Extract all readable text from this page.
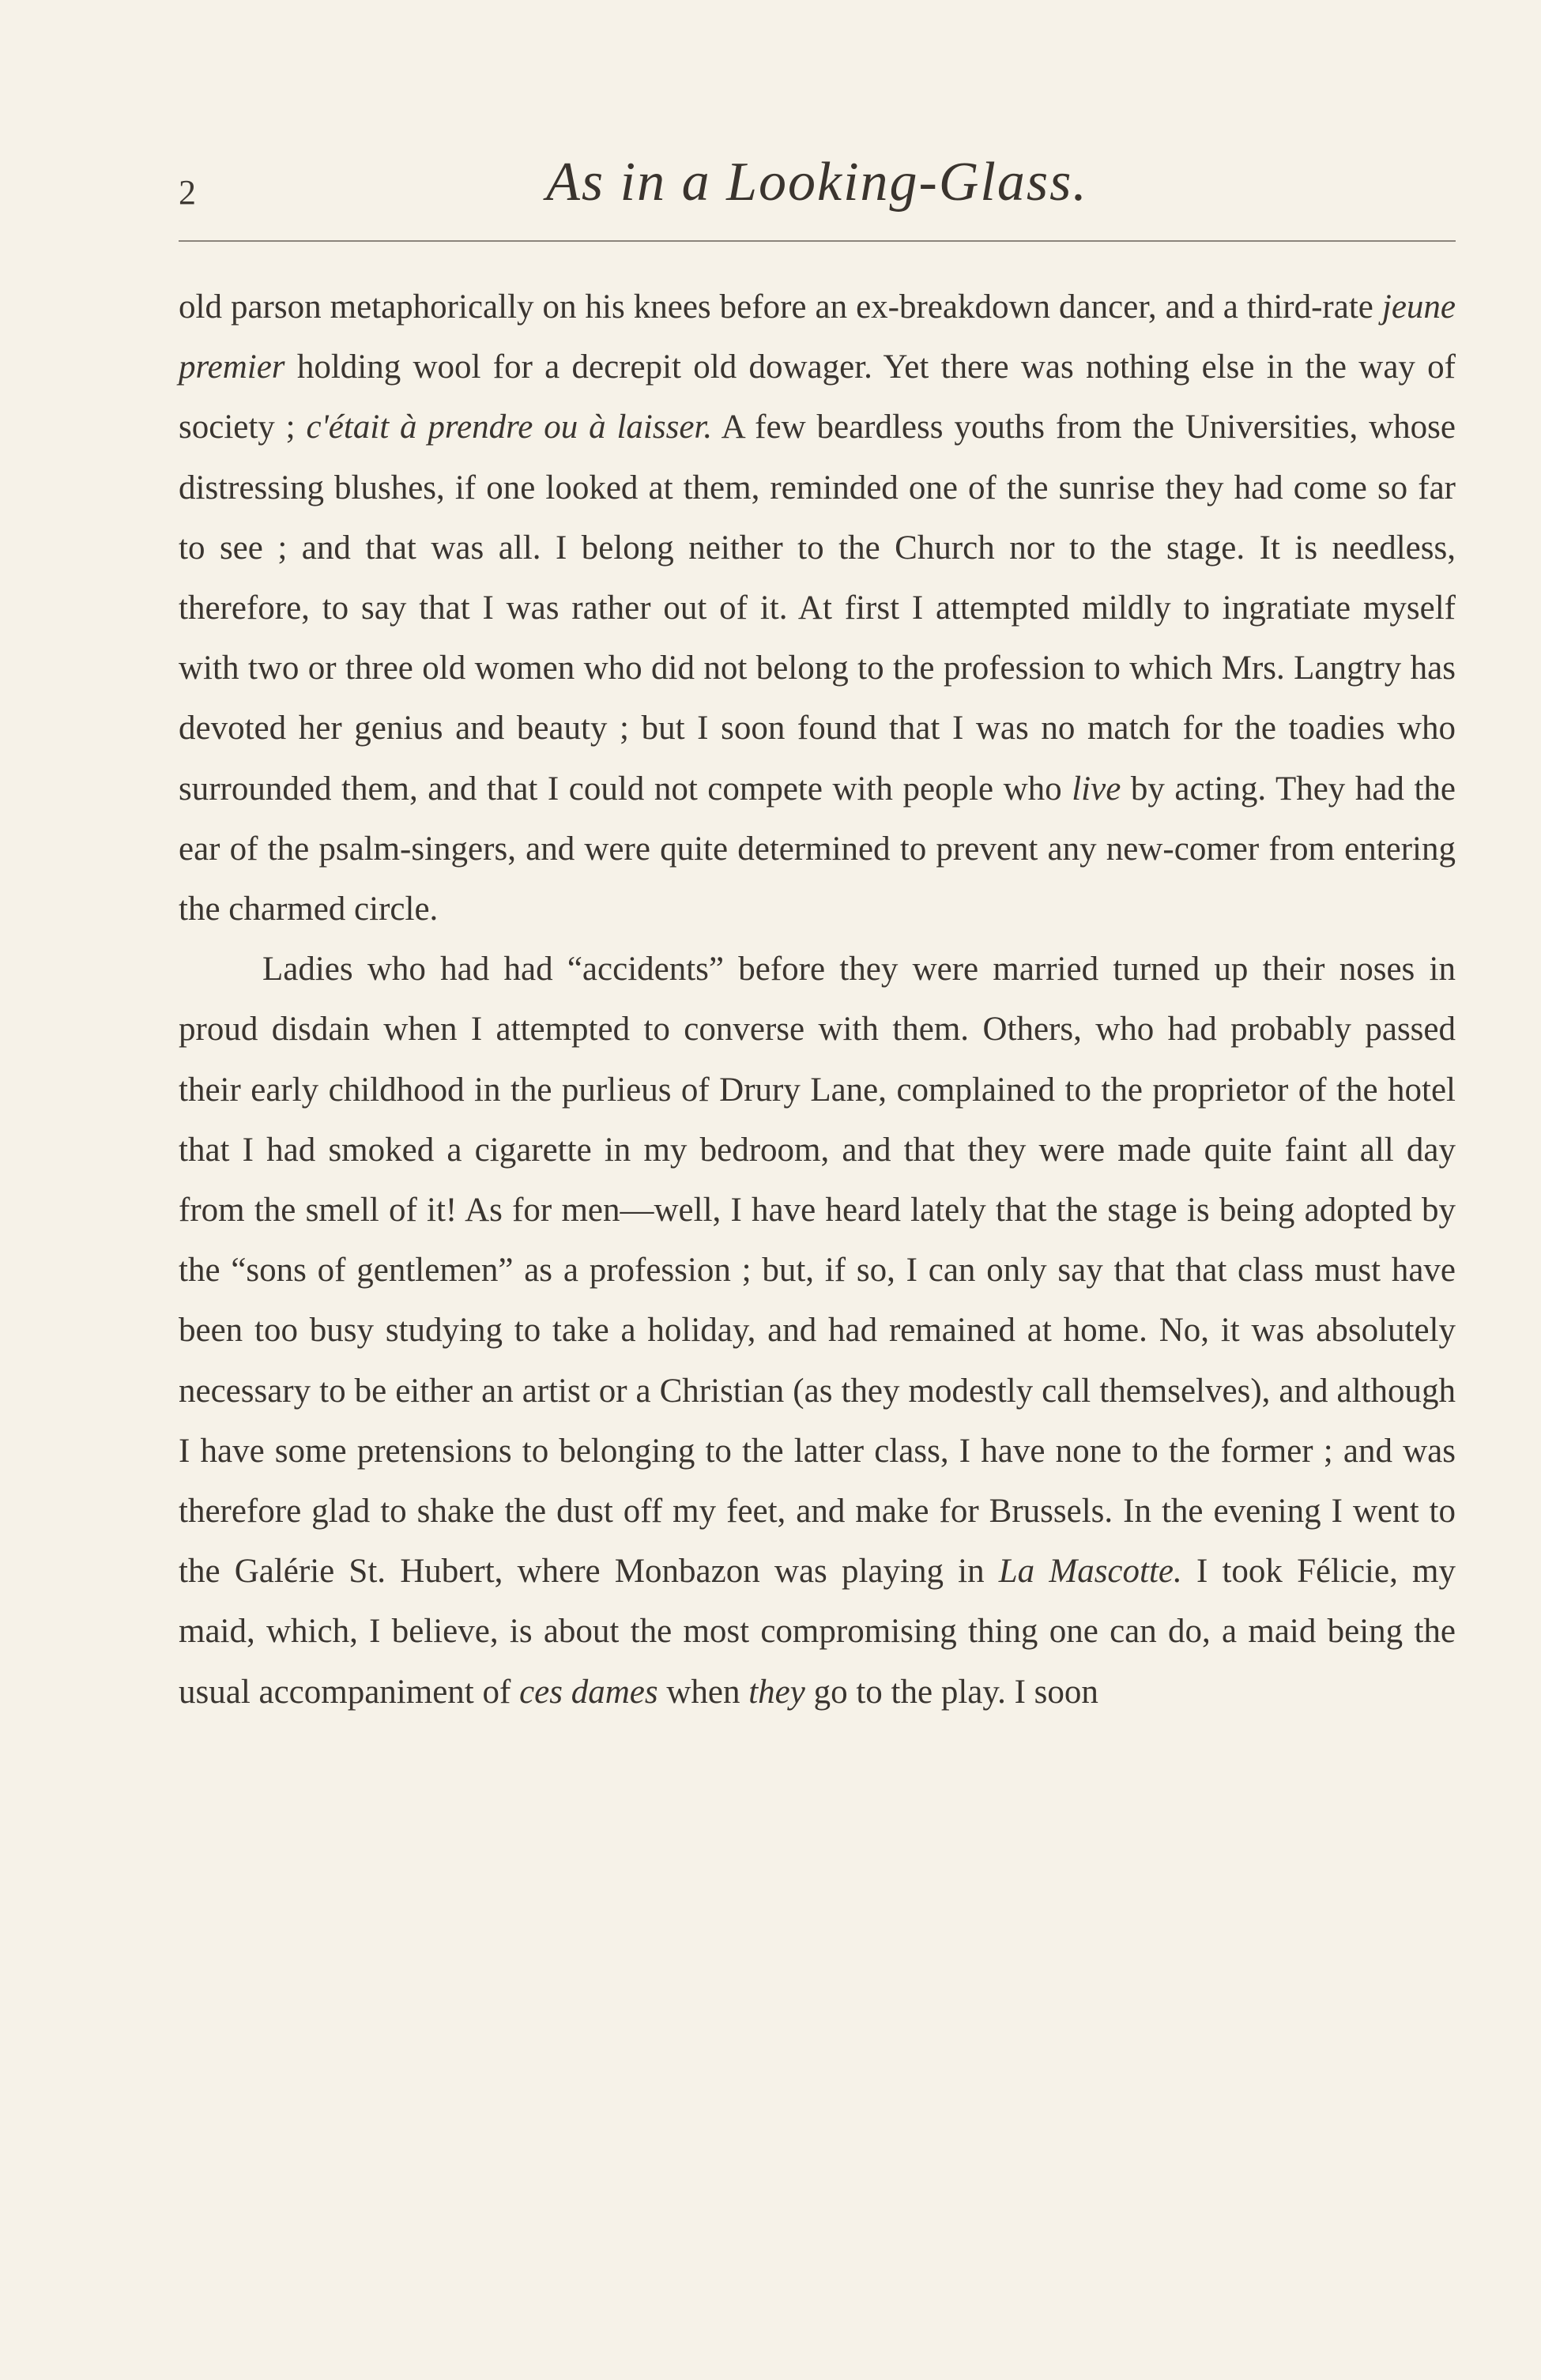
2	As in a Looking-Glass.

old parson metaphorically on his knees before an ex-breakdown dancer, and a third-rate jeune premier holding wool for a decrepit old dowager. Yet there was nothing else in the way of society ; c'était à prendre ou à laisser. A few beardless youths from the Universities, whose distressing blushes, if one looked at them, reminded one of the sunrise they had come so far to see ; and that was all. I belong neither to the Church nor to the stage. It is needless, therefore, to say that I was rather out of it. At first I attempted mildly to ingratiate myself with two or three old women who did not belong to the profession to which Mrs. Langtry has devoted her genius and beauty ; but I soon found that I was no match for the toadies who surrounded them, and that I could not compete with people who live by acting. They had the ear of the psalm-singers, and were quite determined to prevent any new-comer from entering the charmed circle.

Ladies who had had “accidents” before they were married turned up their noses in proud disdain when I attempted to converse with them. Others, who had probably passed their early childhood in the purlieus of Drury Lane, complained to the proprietor of the hotel that I had smoked a cigarette in my bedroom, and that they were made quite faint all day from the smell of it! As for men—well, I have heard lately that the stage is being adopted by the “sons of gentlemen” as a profession ; but, if so, I can only say that that class must have been too busy studying to take a holiday, and had remained at home. No, it was absolutely necessary to be either an artist or a Christian (as they modestly call themselves), and although I have some pretensions to belonging to the latter class, I have none to the former ; and was therefore glad to shake the dust off my feet, and make for Brussels. In the evening I went to the Galérie St. Hubert, where Monbazon was playing in La Mascotte. I took Félicie, my maid, which, I believe, is about the most compromising thing one can do, a maid being the usual accompaniment of ces dames when they go to the play. I soon
